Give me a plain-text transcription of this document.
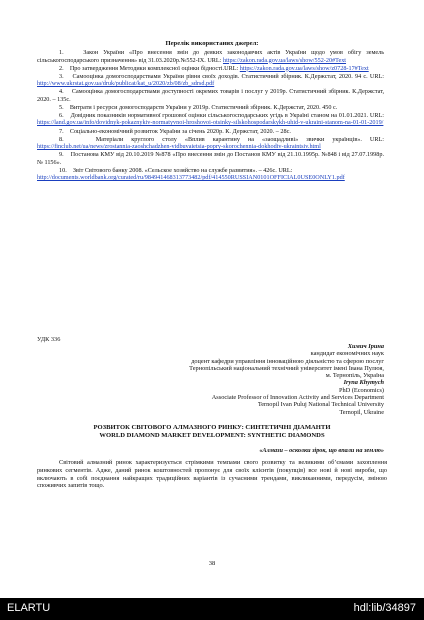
Перелік використаних джерел:

1.	Закон України «Про внесення змін до деяких законодавчих актів України щодо умов обігу земель сільськогосподарського призначення» від 31.03.2020р.№552-IX. URL: https://zakon.rada.gov.ua/laws/show/552-20#Text

2. Про затвердження Методики комплексної оцінки бідності.URL: https://zakon.rada.gov.ua/laws/show/z0728-17#Text

3. Самооцінка домогосподарствами України рівня своїх доходів. Статистичний збірник. К.Держстат, 2020. 94 с. URL: http://www.ukrstat.gov.ua/druk/publicat/kat_u/2020/zb/08/zb_sdrsd.pdf

4. Самооцінка домогосподарствами доступності окремих товарів і послуг у 2019р. Статистичний збірник. К.Держстат, 2020. – 135с.

5. Витрати і ресурси домогосподарств України у 2019р. Статистичний збірник. К.Держстат, 2020. 450 с.

6. Довідник показників нормативної грошової оцінки сільськогосподарських угідь в Україні станом на 01.01.2021. URL: https://land.gov.ua/info/dovidnyk-pokaznykiv-normatyvnoi-hroshovoi-otsinky-silskohospodarskykh-uhid-v-ukraini-stanom-na-01-01-2019/

7. Соціально-економічний розвиток України за січень 2020р. К. Держстат, 2020. – 28с.

8.	Матеріали круглого столу «Вплив карантину на «заощадливі» звички українців». URL: https://finclub.net/ua/news/zrostannia-zaoshchadzhen-vidbuvaietsia-popry-skorochennia-dokhodiv-ukraintsiv.html

9. Постанова КМУ від 20.10.2019 №878 «Про внесення змін до Постанов КМУ від 21.10.1995р. №848 і від 27.07.1998р. № 1156».

10. Звіт Світового банку 2008. «Сельское хозяйство на службе развития». – 426с. URL:
http://documents.worldbank.org/curated/ru/984941468313773482/pdf/414550RUSSIAN0101OFFICIAL0USE0ONLY1.pdf

УДК 336
Химич Ірина
кандидат економічних наук
доцент кафедри управління інноваційною діяльністю та сферою послуг
Тернопільський національний технічний університет імені Івана Пулюя,
м. Тернопіль, Україна
Iryna Khymych
PhD (Economics)
Associate Professor of Innovation Activity and Services Department
Ternopil Ivan Puluj National Technical University
Ternopil, Ukraine
РОЗВИТОК СВІТОВОГО АЛМАЗНОГО РИНКУ: СИНТЕТИЧНІ ДІАМАНТИ
WORLD DIAMOND MARKET DEVELOPMENT: SYNTHETIC DIAMONDS
«Алмази – осколки зірок, що впали на землю»

Світовий алмазний ринок характеризується стрімкими темпами свого розвитку та великими об’ємами захоплення ринкових сегментів. Адже, даний ринок коштовностей пропонує для своїх клієнтів (покупців) все нові й нові вироби, що включають в собі поєднання найкращих традиційних варіантів із сучасними трендами, викликанними, передусім, зміною споживчих запитів тощо.

38
ELARTU	hdl:lib/34897
